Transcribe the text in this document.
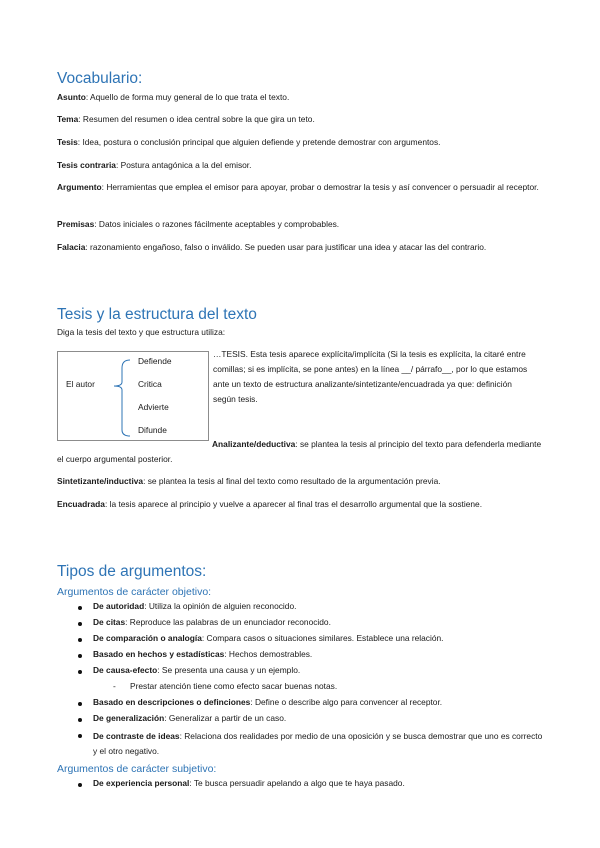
Vocabulario:
Asunto: Aquello de forma muy general de lo que trata el texto.
Tema: Resumen del resumen o idea central sobre la que gira un teto.
Tesis: Idea, postura o conclusión principal que alguien defiende y pretende demostrar con argumentos.
Tesis contraria: Postura antagónica a la del emisor.
Argumento: Herramientas que emplea el emisor para apoyar, probar o demostrar la tesis y así convencer o persuadir al receptor.
Premisas: Datos iniciales o razones fácilmente aceptables y comprobables.
Falacia: razonamiento engañoso, falso o inválido. Se pueden usar para justificar una idea y atacar las del contrario.
Tesis y la estructura del texto
Diga la tesis del texto y que estructura utiliza:
El autor
Defiende
Critica
Advierte
Difunde
…TESIS. Esta tesis aparece explícita/implícita (Si la tesis es explícita, la citaré entre comillas; si es implícita, se pone antes) en la línea __/ párrafo__, por lo que estamos ante un texto de estructura analizante/sintetizante/encuadrada ya que: definición según tesis.
Analizante/deductiva: se plantea la tesis al principio del texto para defenderla mediante el cuerpo argumental posterior.
Sintetizante/inductiva: se plantea la tesis al final del texto como resultado de la argumentación previa.
Encuadrada: la tesis aparece al principio y vuelve a aparecer al final tras el desarrollo argumental que la sostiene.
Tipos de argumentos:
Argumentos de carácter objetivo:
De autoridad: Utiliza la opinión de alguien reconocido.
De citas: Reproduce las palabras de un enunciador reconocido.
De comparación o analogía: Compara casos o situaciones similares. Establece una relación.
Basado en hechos y estadísticas: Hechos demostrables.
De causa-efecto: Se presenta una causa y un ejemplo.
- Prestar atención tiene como efecto sacar buenas notas.
Basado en descripciones o definciones: Define o describe algo para convencer al receptor.
De generalización: Generalizar a partir de un caso.
De contraste de ideas: Relaciona dos realidades por medio de una oposición y se busca demostrar que uno es correcto y el otro negativo.
Argumentos de carácter subjetivo:
De experiencia personal: Te busca persuadir apelando a algo que te haya pasado.
